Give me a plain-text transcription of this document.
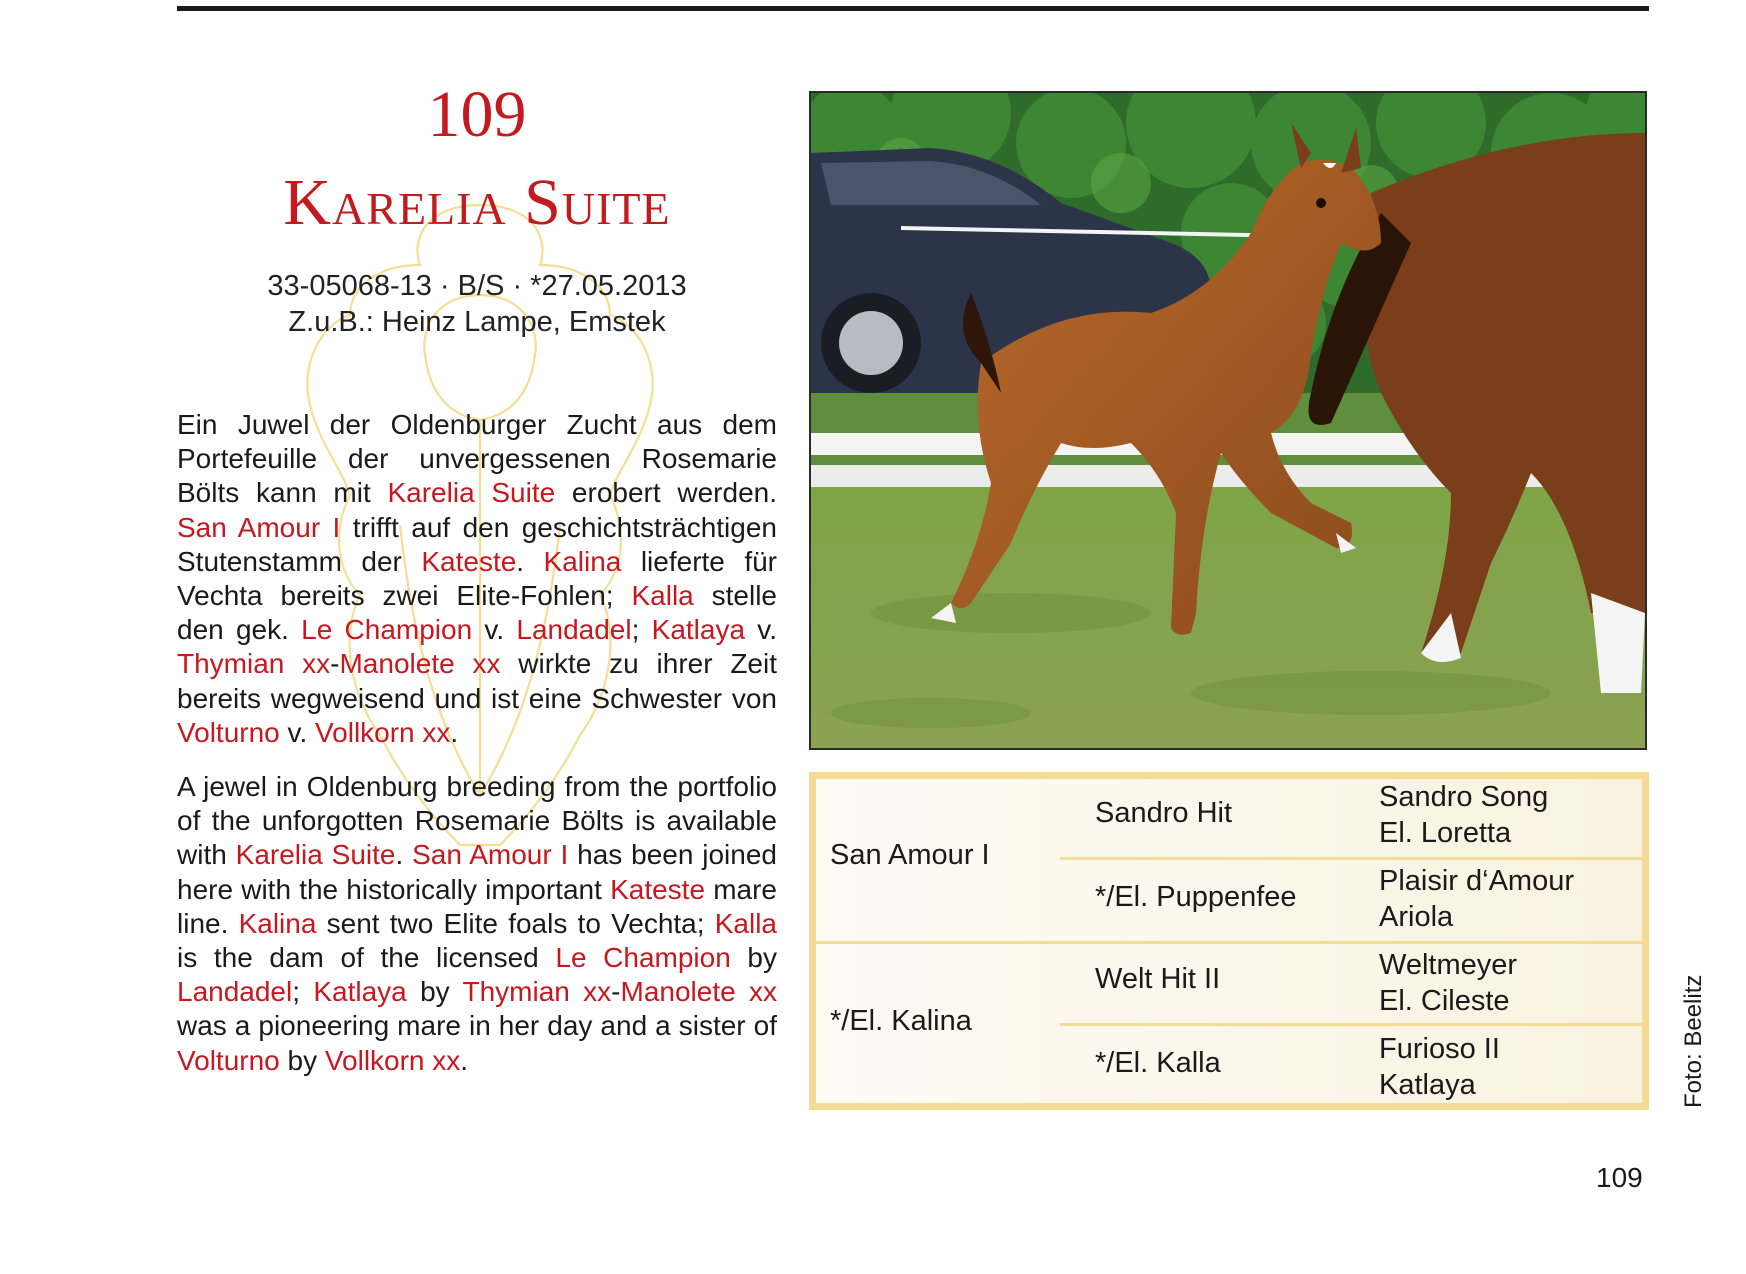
109
Karelia Suite
33-05068-13 · B/S · *27.05.2013
Z.u.B.: Heinz Lampe, Emstek
Ein Juwel der Oldenburger Zucht aus dem Portefeuille der unvergessenen Rosemarie Bölts kann mit Karelia Suite erobert werden. San Amour I trifft auf den geschichtsträchtigen Stutenstamm der Kateste. Kalina lieferte für Vechta bereits zwei Elite-Fohlen; Kalla stelle den gek. Le Champion v. Landadel; Katlaya v. Thymian xx-Manolete xx wirkte zu ihrer Zeit bereits wegweisend und ist eine Schwester von Volturno v. Vollkorn xx.
A jewel in Oldenburg breeding from the portfolio of the unforgotten Rosemarie Bölts is available with Karelia Suite. San Amour I has been joined here with the historically important Kateste mare line. Kalina sent two Elite foals to Vechta; Kalla is the dam of the licensed Le Champion by Landadel; Katlaya by Thymian xx-Manolete xx was a pioneering mare in her day and a sister of Volturno by Vollkorn xx.
San Amour I
*/El. Kalina
Sandro Hit
*/El. Puppenfee
Welt Hit II
*/El. Kalla
Sandro Song
El. Loretta
Plaisir d‘Amour
Ariola
Weltmeyer
El. Cileste
Furioso II
Katlaya	Foto: Beelitz
109
